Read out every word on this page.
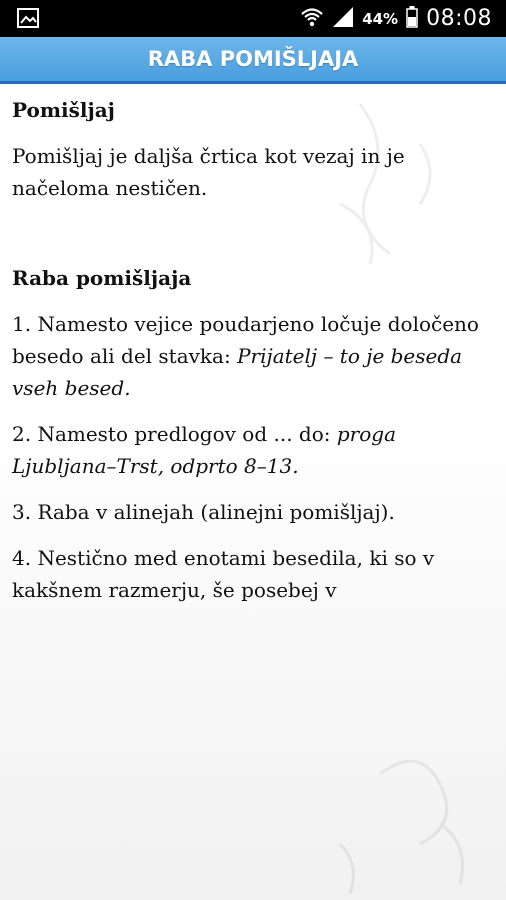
44% 08:08
RABA POMIŠLJAJA
Pomišljaj

Pomišljaj je daljša črtica kot vezaj in je načeloma nestičen.

Raba pomišljaja

1. Namesto vejice poudarjeno ločuje določeno besedo ali del stavka: Prijatelj – to je beseda vseh besed.

2. Namesto predlogov od ... do: proga Ljubljana–Trst, odprto 8–13.

3. Raba v alinejah (alinejni pomišljaj).

4. Nestično med enotami besedila, ki so v kakšnem razmerju, še posebej v
